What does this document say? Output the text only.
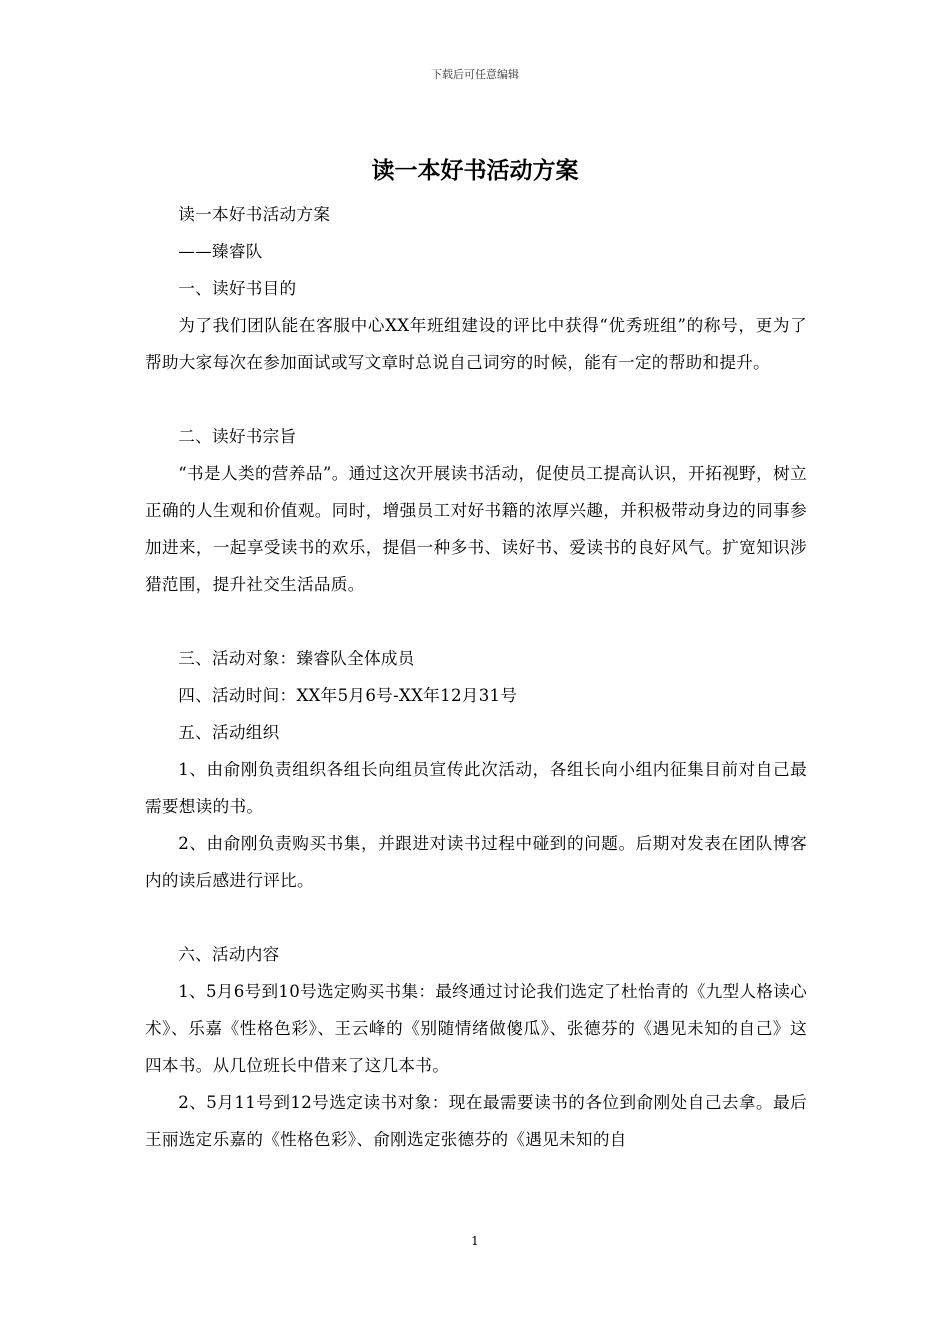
下载后可任意编辑
读一本好书活动方案

读一本好书活动方案

——臻睿队

一、读好书目的

为了我们团队能在客服中心XX年班组建设的评比中获得“优秀班组”的称号，更为了帮助大家每次在参加面试或写文章时总说自己词穷的时候，能有一定的帮助和提升。

二、读好书宗旨

“书是人类的营养品”。通过这次开展读书活动，促使员工提高认识，开拓视野，树立正确的人生观和价值观。同时，增强员工对好书籍的浓厚兴趣，并积极带动身边的同事参加进来，一起享受读书的欢乐，提倡一种多书、读好书、爱读书的良好风气。扩宽知识涉猎范围，提升社交生活品质。

三、活动对象：臻睿队全体成员

四、活动时间：XX年5月6号-XX年12月31号

五、活动组织

1、由俞刚负责组织各组长向组员宣传此次活动，各组长向小组内征集目前对自己最需要想读的书。

2、由俞刚负责购买书集，并跟进对读书过程中碰到的问题。后期对发表在团队博客内的读后感进行评比。

六、活动内容

1、5月6号到10号选定购买书集：最终通过讨论我们选定了杜怡青的《九型人格读心术》、乐嘉《性格色彩》、王云峰的《别随情绪做傻瓜》、张德芬的《遇见未知的自己》这四本书。从几位班长中借来了这几本书。

2、5月11号到12号选定读书对象：现在最需要读书的各位到俞刚处自己去拿。最后王丽选定乐嘉的《性格色彩》、俞刚选定张德芬的《遇见未知的自

1
